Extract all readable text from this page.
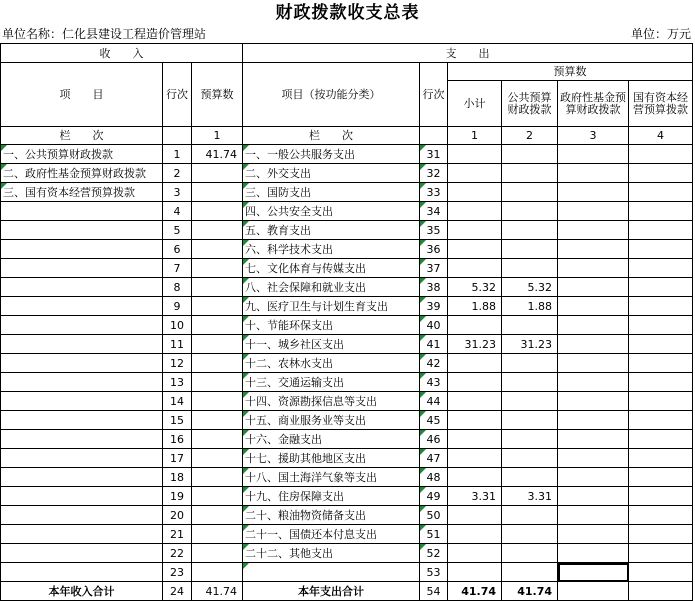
财政拨款收支总表
单位名称：仁化县建设工程造价管理站	单位：万元
收　　入			支　　出					
项　　目	行次	预算数	项目（按功能分类）	行次	预算数			
					小计	公共预算财政拨款	政府性基金预算财政拨款	国有资本经营预算拨款
栏　　次		1	栏　　次		1	2	3	4
一、公共预算财政拨款	1	41.74	一、一般公共服务支出	31				
二、政府性基金预算财政拨款	2		二、外交支出	32				
三、国有资本经营预算拨款	3		三、国防支出	33				
	4		四、公共安全支出	34				
	5		五、教育支出	35				
	6		六、科学技术支出	36				
	7		七、文化体育与传媒支出	37				
	8		八、社会保障和就业支出	38	5.32	5.32		
	9		九、医疗卫生与计划生育支出	39	1.88	1.88		
	10		十、节能环保支出	40				
	11		十一、城乡社区支出	41	31.23	31.23		
	12		十二、农林水支出	42				
	13		十三、交通运输支出	43				
	14		十四、资源勘探信息等支出	44				
	15		十五、商业服务业等支出	45				
	16		十六、金融支出	46				
	17		十七、援助其他地区支出	47				
	18		十八、国土海洋气象等支出	48				
	19		十九、住房保障支出	49	3.31	3.31		
	20		二十、粮油物资储备支出	50				
	21		二十一、国债还本付息支出	51				
	22		二十二、其他支出	52				
	23			53				
本年收入合计	24	41.74	本年支出合计	54	41.74	41.74		
